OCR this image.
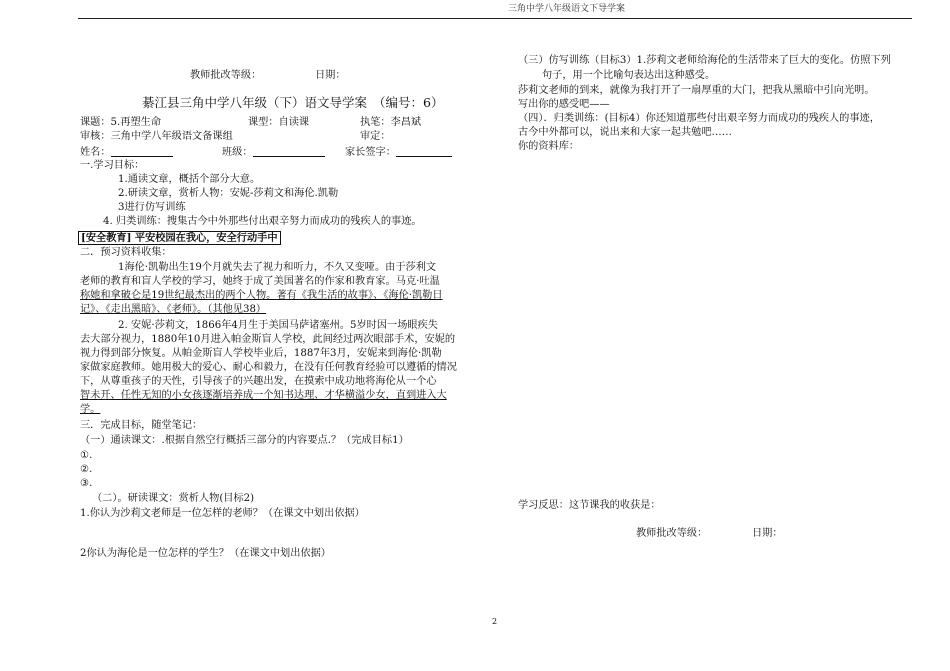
三角中学八年级语文下导学案
教师批改等级：	日期：
綦江县三角中学八年级（下）语文导学案 （编号：6）
课题：5.再塑生命	课型：自读课	执笔：李昌斌
审核：三角中学八年级语文备课组	审定：
姓名：	班级：	家长签字：
一.学习目标：
1.通读文章，概括个部分大意。
2.研读文章，赏析人物：安妮-莎莉文和海伦.凯勒
3进行仿写训练
4. 归类训练：搜集古今中外那些付出艰辛努力而成功的残疾人的事迹。
[安全教育] 平安校园在我心，安全行动手中
二．预习资料收集：
1海伦·凯勒出生19个月就失去了视力和听力，不久又变哑。由于莎利文
老师的教育和盲人学校的学习，她终于成了美国著名的作家和教育家。马克·吐温
称她和拿破仑是19世纪最杰出的两个人物。著有《我生活的故事》、《海伦·凯勒日
记》、《走出黑暗》、《老师》。（其他见38）
2. 安妮·莎莉文，1866年4月生于美国马萨诸塞州。5岁时因一场眼疾失
去大部分视力，1880年10月进入帕金斯盲人学校，此间经过两次眼部手术，安妮的
视力得到部分恢复。从帕金斯盲人学校毕业后，1887年3月，安妮来到海伦·凯勒
家做家庭教师。她用极大的爱心、耐心和毅力，在没有任何教育经验可以遵循的情况
下，从尊重孩子的天性，引导孩子的兴趣出发，在摸索中成功地将海伦从一个心
智未开、任性无知的小女孩逐渐培养成一个知书达理、才华横溢少女，直到进入大
学。
三．完成目标，随堂笔记：
（一）通读课文：.根据自然空行概括三部分的内容要点.？（完成目标1）
①.
②.
③.
（二）。研读课文：赏析人物(目标2)
1.你认为沙莉文老师是一位怎样的老师？（在课文中划出依据）
2你认为海伦是一位怎样的学生？（在课文中划出依据）
（三）仿写训练（目标3）1.莎莉文老师给海伦的生活带来了巨大的变化。仿照下列
句子，用一个比喻句表达出这种感受。
莎莉文老师的到来，就像为我打开了一扇厚重的大门，把我从黑暗中引向光明。
写出你的感受吧——
（四）．归类训练：(目标4）你还知道那些付出艰辛努力而成功的残疾人的事迹，
古今中外都可以，说出来和大家一起共勉吧……
你的资料库：
学习反思：这节课我的收获是：
教师批改等级：	日期：
2
